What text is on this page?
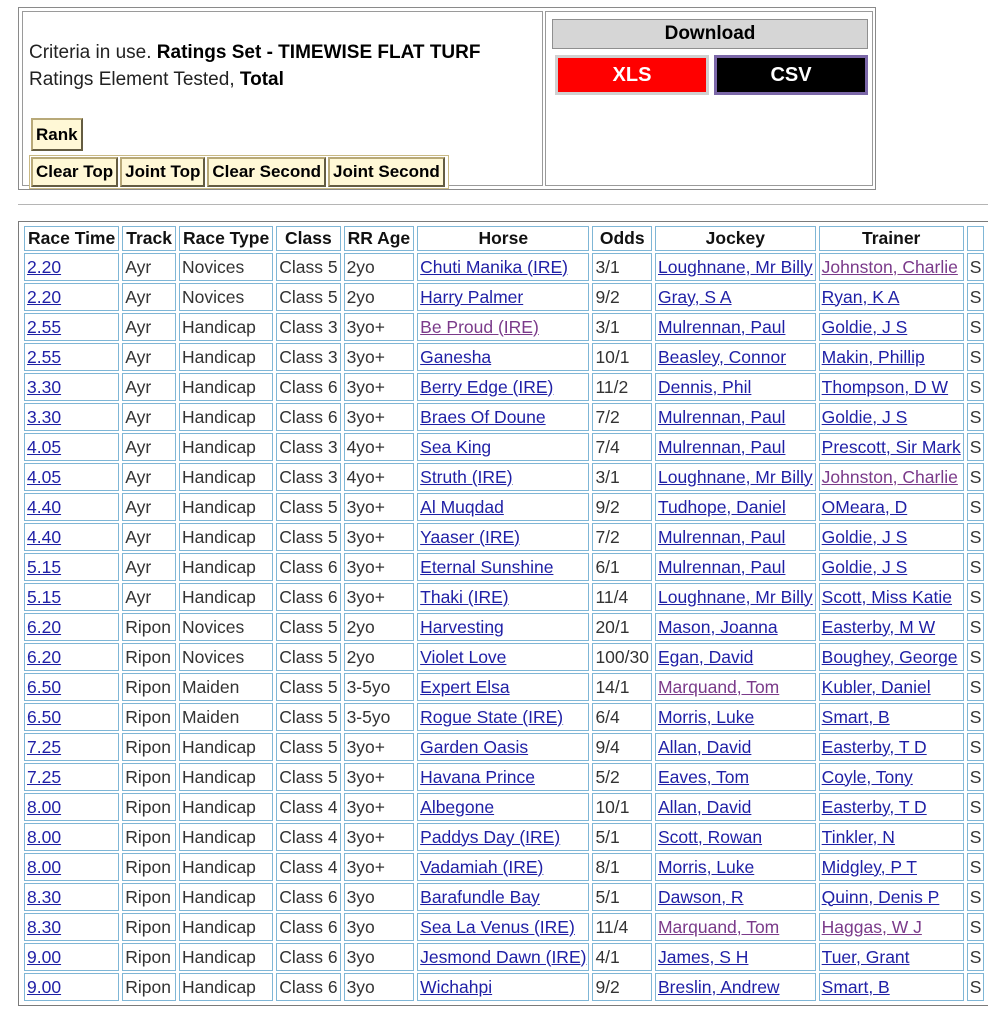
Criteria in use. Ratings Set - TIMEWISE FLAT TURF
Ratings Element Tested, Total
Rank
Clear Top Joint Top Clear Second Joint Second
Download
XLS	CSV
Race Time	Track	Race Type	Class	RR Age	Horse	Odds	Jockey	Trainer	
2.20	Ayr	Novices	Class 5	2yo	Chuti Manika (IRE)	3/1	Loughnane, Mr Billy	Johnston, Charlie	S
2.20	Ayr	Novices	Class 5	2yo	Harry Palmer	9/2	Gray, S A	Ryan, K A	S
2.55	Ayr	Handicap	Class 3	3yo+	Be Proud (IRE)	3/1	Mulrennan, Paul	Goldie, J S	S
2.55	Ayr	Handicap	Class 3	3yo+	Ganesha	10/1	Beasley, Connor	Makin, Phillip	S
3.30	Ayr	Handicap	Class 6	3yo+	Berry Edge (IRE)	11/2	Dennis, Phil	Thompson, D W	S
3.30	Ayr	Handicap	Class 6	3yo+	Braes Of Doune	7/2	Mulrennan, Paul	Goldie, J S	S
4.05	Ayr	Handicap	Class 3	4yo+	Sea King	7/4	Mulrennan, Paul	Prescott, Sir Mark	S
4.05	Ayr	Handicap	Class 3	4yo+	Struth (IRE)	3/1	Loughnane, Mr Billy	Johnston, Charlie	S
4.40	Ayr	Handicap	Class 5	3yo+	Al Muqdad	9/2	Tudhope, Daniel	OMeara, D	S
4.40	Ayr	Handicap	Class 5	3yo+	Yaaser (IRE)	7/2	Mulrennan, Paul	Goldie, J S	S
5.15	Ayr	Handicap	Class 6	3yo+	Eternal Sunshine	6/1	Mulrennan, Paul	Goldie, J S	S
5.15	Ayr	Handicap	Class 6	3yo+	Thaki (IRE)	11/4	Loughnane, Mr Billy	Scott, Miss Katie	S
6.20	Ripon	Novices	Class 5	2yo	Harvesting	20/1	Mason, Joanna	Easterby, M W	S
6.20	Ripon	Novices	Class 5	2yo	Violet Love	100/30	Egan, David	Boughey, George	S
6.50	Ripon	Maiden	Class 5	3-5yo	Expert Elsa	14/1	Marquand, Tom	Kubler, Daniel	S
6.50	Ripon	Maiden	Class 5	3-5yo	Rogue State (IRE)	6/4	Morris, Luke	Smart, B	S
7.25	Ripon	Handicap	Class 5	3yo+	Garden Oasis	9/4	Allan, David	Easterby, T D	S
7.25	Ripon	Handicap	Class 5	3yo+	Havana Prince	5/2	Eaves, Tom	Coyle, Tony	S
8.00	Ripon	Handicap	Class 4	3yo+	Albegone	10/1	Allan, David	Easterby, T D	S
8.00	Ripon	Handicap	Class 4	3yo+	Paddys Day (IRE)	5/1	Scott, Rowan	Tinkler, N	S
8.00	Ripon	Handicap	Class 4	3yo+	Vadamiah (IRE)	8/1	Morris, Luke	Midgley, P T	S
8.30	Ripon	Handicap	Class 6	3yo	Barafundle Bay	5/1	Dawson, R	Quinn, Denis P	S
8.30	Ripon	Handicap	Class 6	3yo	Sea La Venus (IRE)	11/4	Marquand, Tom	Haggas, W J	S
9.00	Ripon	Handicap	Class 6	3yo	Jesmond Dawn (IRE)	4/1	James, S H	Tuer, Grant	S
9.00	Ripon	Handicap	Class 6	3yo	Wichahpi	9/2	Breslin, Andrew	Smart, B	S
